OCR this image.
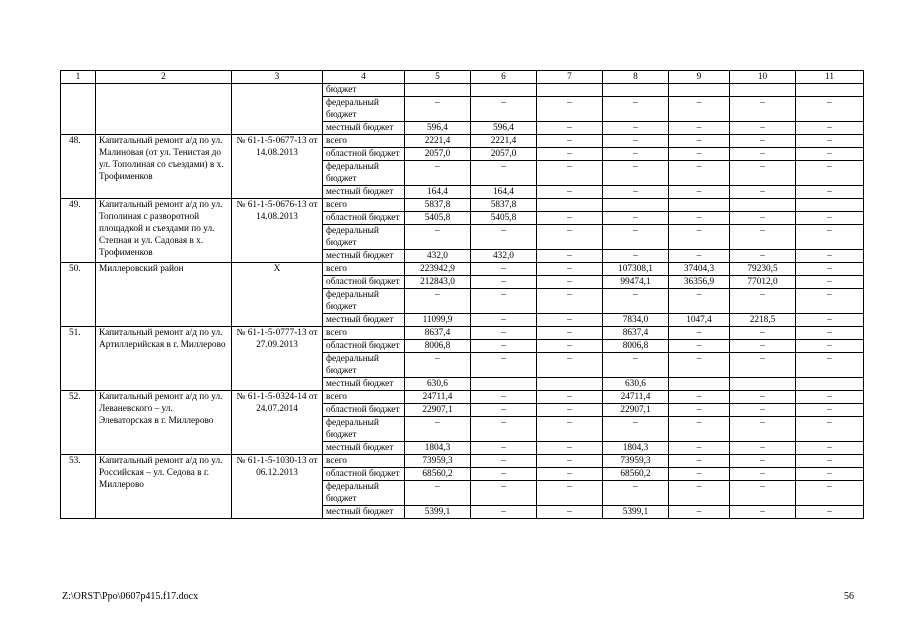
1	2	3	4	5	6	7	8	9	10	11
			бюджет							
			федеральный бюджет	–	–	–	–	–	–	–
			местный бюджет	596,4	596,4	–	–	–	–	–
48.	Капитальный ремонт а/д по ул. Малиновая (от ул. Тенистая до ул. Тополиная со съездами) в х. Трофименков	№ 61-1-5-0677-13 от 14.08.2013	всего	2221,4	2221,4	–	–	–	–	–
			областной бюджет	2057,0	2057,0	–	–	–	–	–
			федеральный бюджет	–	–	–	–	–	–	–
			местный бюджет	164,4	164,4	–	–	–	–	–
49.	Капитальный ремонт а/д по ул. Тополиная с разворотной площадкой и съездами по ул. Степная и ул. Садовая в х. Трофименков	№ 61-1-5-0676-13 от 14.08.2013	всего	5837,8	5837,8					
			областной бюджет	5405,8	5405,8	–	–	–	–	–
			федеральный бюджет	–	–	–	–	–	–	–
			местный бюджет	432,0	432,0	–	–	–	–	–
50.	Миллеровский район	Х	всего	223942,9	–	–	107308,1	37404,3	79230,5	–
			областной бюджет	212843,0	–	–	99474,1	36356,9	77012,0	–
			федеральный бюджет	–	–	–	–	–	–	–
			местный бюджет	11099,9	–	–	7834,0	1047,4	2218,5	–
51.	Капитальный ремонт а/д по ул. Артиллерийская в г. Миллерово	№ 61-1-5-0777-13 от 27.09.2013	всего	8637,4	–	–	8637,4	–	–	–
			областной бюджет	8006,8	–	–	8006,8	–	–	–
			федеральный бюджет	–	–	–	–	–	–	–
			местный бюджет	630,6			630,6			
52.	Капитальный ремонт а/д по ул. Леваневского – ул. Элеваторская в г. Миллерово	№ 61-1-5-0324-14 от 24.07.2014	всего	24711,4	–	–	24711,4	–	–	–
			областной бюджет	22907,1	–	–	22907,1	–	–	–
			федеральный бюджет	–	–	–	–	–	–	–
			местный бюджет	1804,3	–	–	1804,3	–	–	–
53.	Капитальный ремонт а/д по ул. Российская – ул. Седова в г. Миллерово	№ 61-1-5-1030-13 от 06.12.2013	всего	73959,3	–	–	73959,3	–	–	–
			областной бюджет	68560,2	–	–	68560,2	–	–	–
			федеральный бюджет	–	–	–	–	–	–	–
			местный бюджет	5399,1	–	–	5399,1	–	–	–
Z:\ORST\Ppo\0607p415.f17.docx	56
